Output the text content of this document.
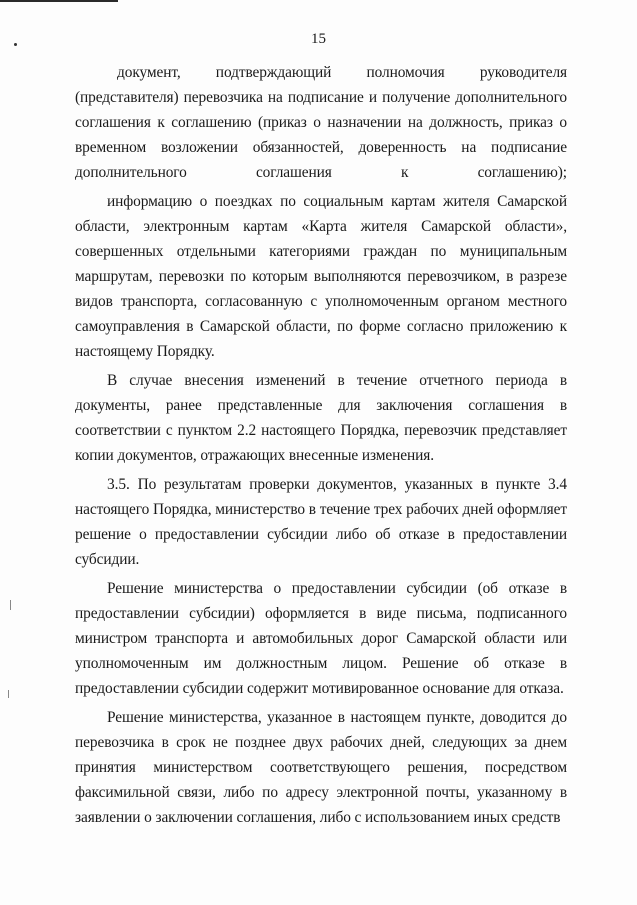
15

документ, подтверждающий полномочия руководителя (представителя) перевозчика на подписание и получение дополнительного соглашения к соглашению (приказ о назначении на должность, приказ о временном возложении обязанностей, доверенность на подписание дополнительного соглашения к соглашению);

информацию о поездках по социальным картам жителя Самарской области, электронным картам «Карта жителя Самарской области», совершенных отдельными категориями граждан по муниципальным маршрутам, перевозки по которым выполняются перевозчиком, в разрезе видов транспорта, согласованную с уполномоченным органом местного самоуправления в Самарской области, по форме согласно приложению к настоящему Порядку.

В случае внесения изменений в течение отчетного периода в документы, ранее представленные для заключения соглашения в соответствии с пунктом 2.2 настоящего Порядка, перевозчик представляет копии документов, отражающих внесенные изменения.

3.5. По результатам проверки документов, указанных в пункте 3.4 настоящего Порядка, министерство в течение трех рабочих дней оформляет решение о предоставлении субсидии либо об отказе в предоставлении субсидии.

Решение министерства о предоставлении субсидии (об отказе в предоставлении субсидии) оформляется в виде письма, подписанного министром транспорта и автомобильных дорог Самарской области или уполномоченным им должностным лицом. Решение об отказе в предоставлении субсидии содержит мотивированное основание для отказа.

Решение министерства, указанное в настоящем пункте, доводится до перевозчика в срок не позднее двух рабочих дней, следующих за днем принятия министерством соответствующего решения, посредством факсимильной связи, либо по адресу электронной почты, указанному в заявлении о заключении соглашения, либо с использованием иных средств
